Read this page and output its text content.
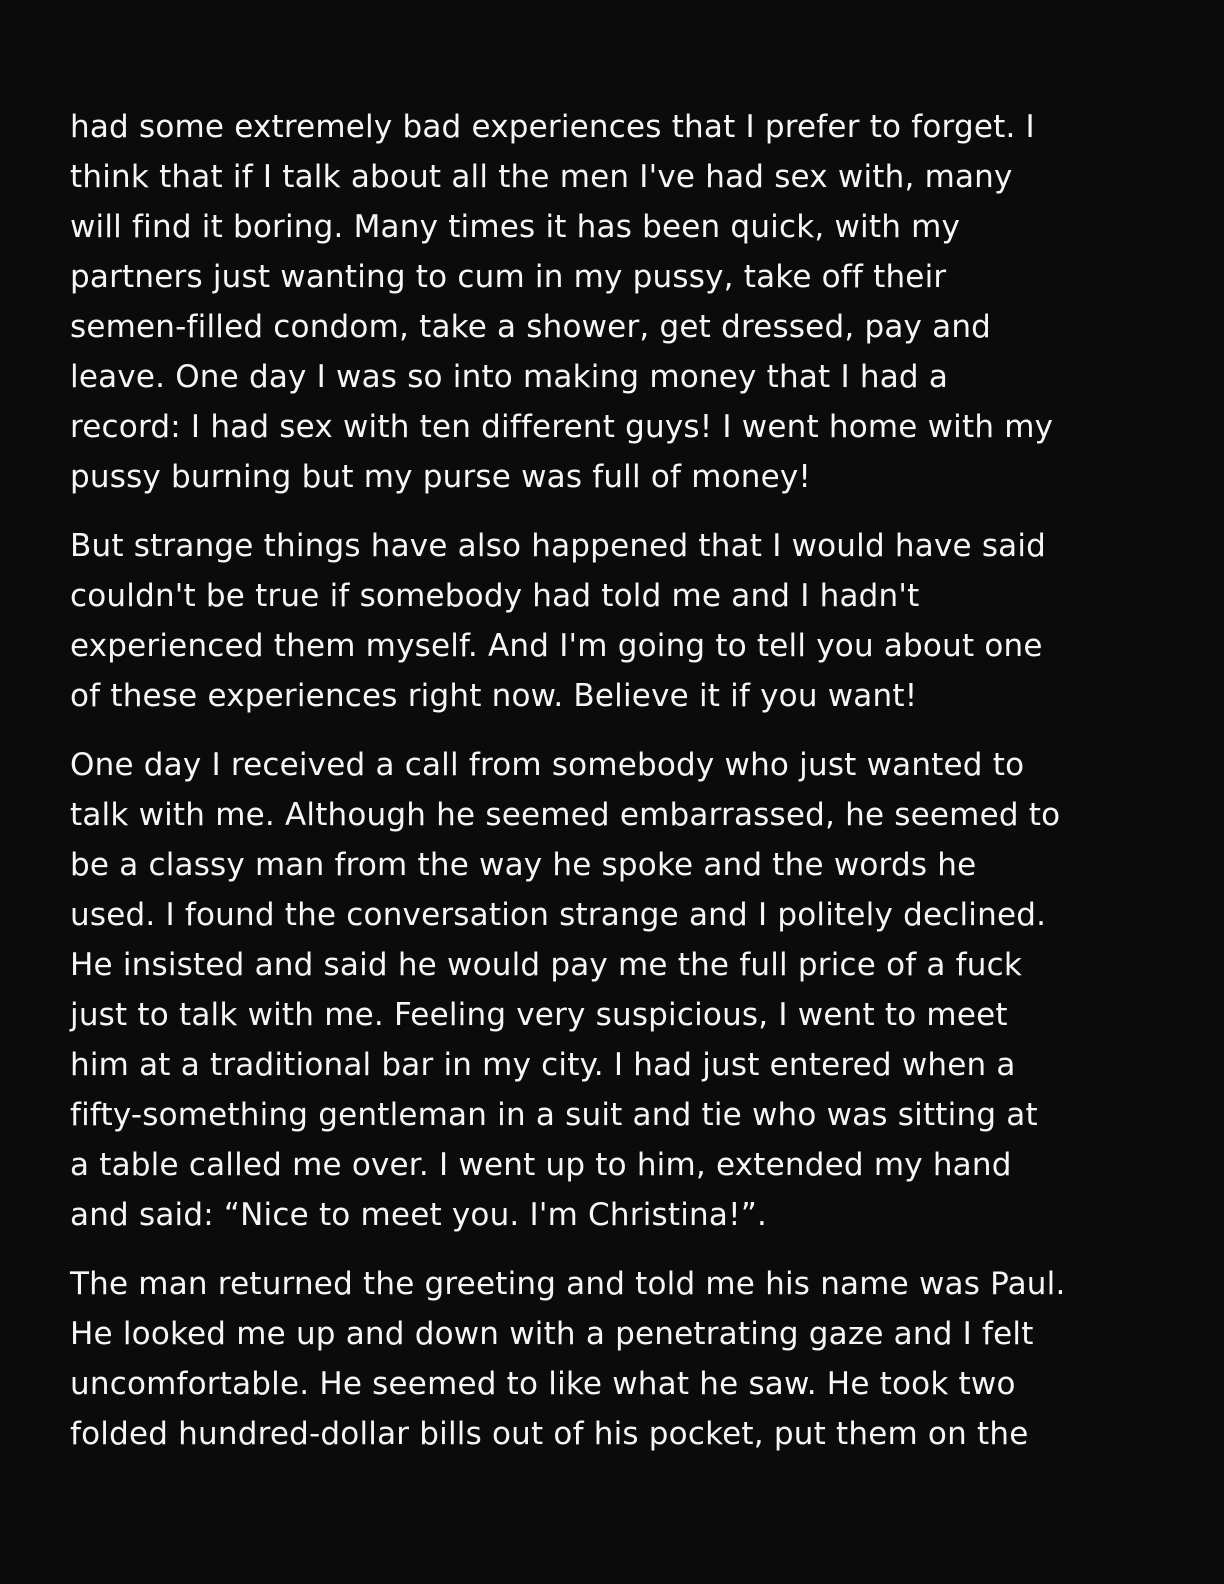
had some extremely bad experiences that I prefer to forget. I
think that if I talk about all the men I've had sex with, many
will find it boring. Many times it has been quick, with my
partners just wanting to cum in my pussy, take off their
semen-filled condom, take a shower, get dressed, pay and
leave. One day I was so into making money that I had a
record: I had sex with ten different guys! I went home with my
pussy burning but my purse was full of money!

But strange things have also happened that I would have said
couldn't be true if somebody had told me and I hadn't
experienced them myself. And I'm going to tell you about one
of these experiences right now. Believe it if you want!

One day I received a call from somebody who just wanted to
talk with me. Although he seemed embarrassed, he seemed to
be a classy man from the way he spoke and the words he
used. I found the conversation strange and I politely declined.
He insisted and said he would pay me the full price of a fuck
just to talk with me. Feeling very suspicious, I went to meet
him at a traditional bar in my city. I had just entered when a
fifty-something gentleman in a suit and tie who was sitting at
a table called me over. I went up to him, extended my hand
and said: “Nice to meet you. I'm Christina!”.

The man returned the greeting and told me his name was Paul.
He looked me up and down with a penetrating gaze and I felt
uncomfortable. He seemed to like what he saw. He took two
folded hundred-dollar bills out of his pocket, put them on the
